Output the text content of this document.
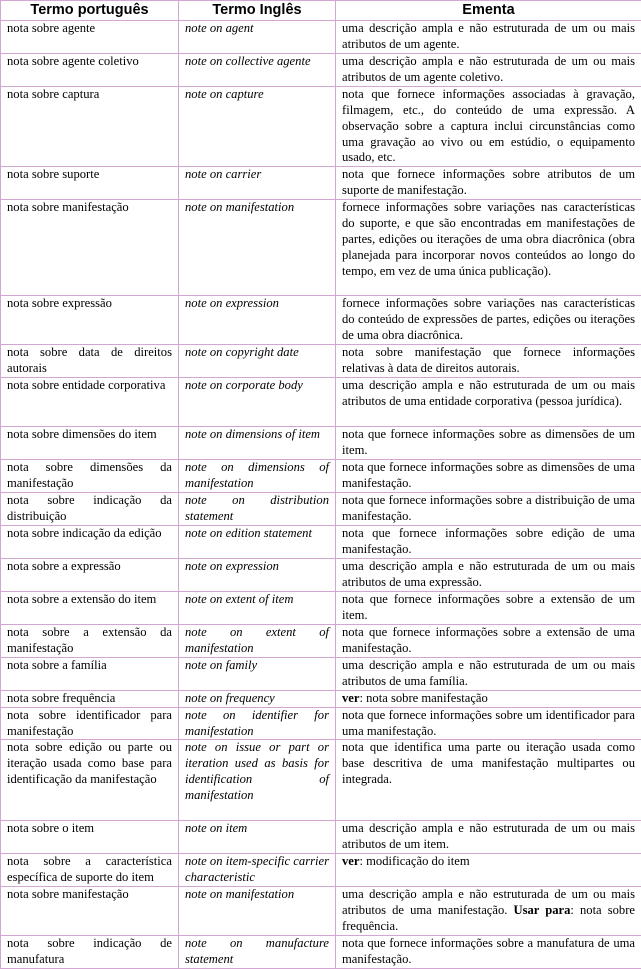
Termo português	Termo Inglês	Ementa
nota sobre agente	note on agent	uma descrição ampla e não estruturada de um ou mais atributos de um agente.
nota sobre agente coletivo	note on collective agente	uma descrição ampla e não estruturada de um ou mais atributos de um agente coletivo.
nota sobre captura	note on capture	nota que fornece informações associadas à gravação, filmagem, etc., do conteúdo de uma expressão. A observação sobre a captura inclui circunstâncias como uma gravação ao vivo ou em estúdio, o equipamento usado, etc.
nota sobre suporte	note on carrier	nota que fornece informações sobre atributos de um suporte de manifestação.
nota sobre manifestação	note on manifestation	fornece informações sobre variações nas características do suporte, e que são encontradas em manifestações de partes, edições ou iterações de uma obra diacrônica (obra planejada para incorporar novos conteúdos ao longo do tempo, em vez de uma única publicação).
nota sobre expressão	note on expression	fornece informações sobre variações nas características do conteúdo de expressões de partes, edições ou iterações de uma obra diacrônica.
nota sobre data de direitos autorais	note on copyright date	nota sobre manifestação que fornece informações relativas à data de direitos autorais.
nota sobre entidade corporativa	note on corporate body	uma descrição ampla e não estruturada de um ou mais atributos de uma entidade corporativa (pessoa jurídica).
nota sobre dimensões do item	note on dimensions of item	nota que fornece informações sobre as dimensões de um item.
nota sobre dimensões da manifestação	note on dimensions of manifestation	nota que fornece informações sobre as dimensões de uma manifestação.
nota sobre indicação da distribuição	note on distribution statement	nota que fornece informações sobre a distribuição de uma manifestação.
nota sobre indicação da edição	note on edition statement	nota que fornece informações sobre edição de uma manifestação.
nota sobre a expressão	note on expression	uma descrição ampla e não estruturada de um ou mais atributos de uma expressão.
nota sobre a extensão do item	note on extent of item	nota que fornece informações sobre a extensão de um item.
nota sobre a extensão da manifestação	note on extent of manifestation	nota que fornece informações sobre a extensão de uma manifestação.
nota sobre a família	note on family	uma descrição ampla e não estruturada de um ou mais atributos de uma família.
nota sobre frequência	note on frequency	ver: nota sobre manifestação
nota sobre identificador para manifestação	note on identifier for manifestation	nota que fornece informações sobre um identificador para uma manifestação.
nota sobre edição ou parte ou iteração usada como base para identificação da manifestação	note on issue or part or iteration used as basis for identification of manifestation	nota que identifica uma parte ou iteração usada como base descritiva de uma manifestação multipartes ou integrada.
nota sobre o item	note on item	uma descrição ampla e não estruturada de um ou mais atributos de um item.
nota sobre a característica específica de suporte do item	note on item-specific carrier characteristic	ver: modificação do item
nota sobre manifestação	note on manifestation	uma descrição ampla e não estruturada de um ou mais atributos de uma manifestação. Usar para: nota sobre frequência.
nota sobre indicação de manufatura	note on manufacture statement	nota que fornece informações sobre a manufatura de uma manifestação.
